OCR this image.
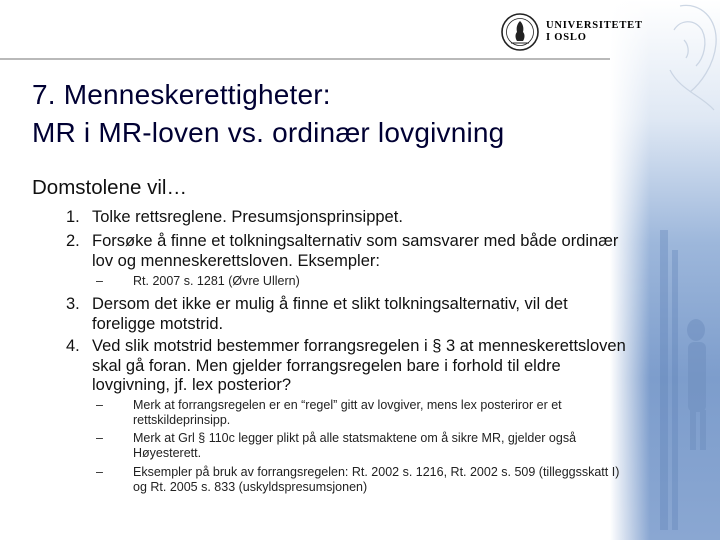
UNIVERSITETET
I OSLO
7. Menneskerettigheter:
MR i MR-loven vs. ordinær lovgivning
Domstolene vil…
1. Tolke rettsreglene. Presumsjonsprinsippet.
2. Forsøke å finne et tolkningsalternativ som samsvarer med både ordinær lov og menneskerettsloven. Eksempler:
– Rt. 2007 s. 1281 (Øvre Ullern)
3. Dersom det ikke er mulig å finne et slikt tolkningsalternativ, vil det foreligge motstrid.
4. Ved slik motstrid bestemmer forrangsregelen i § 3 at menneskerettsloven skal gå foran. Men gjelder forrangsregelen bare i forhold til eldre lovgivning, jf. lex posterior?
– Merk at forrangsregelen er en “regel” gitt av lovgiver, mens lex posteriror er et rettskildeprinsipp.
– Merk at Grl § 110c legger plikt på alle statsmaktene om å sikre MR, gjelder også Høyesterett.
– Eksempler på bruk av forrangsregelen: Rt. 2002 s. 1216, Rt. 2002 s. 509 (tilleggsskatt I) og Rt. 2005 s. 833 (uskyldspresumsjonen)
